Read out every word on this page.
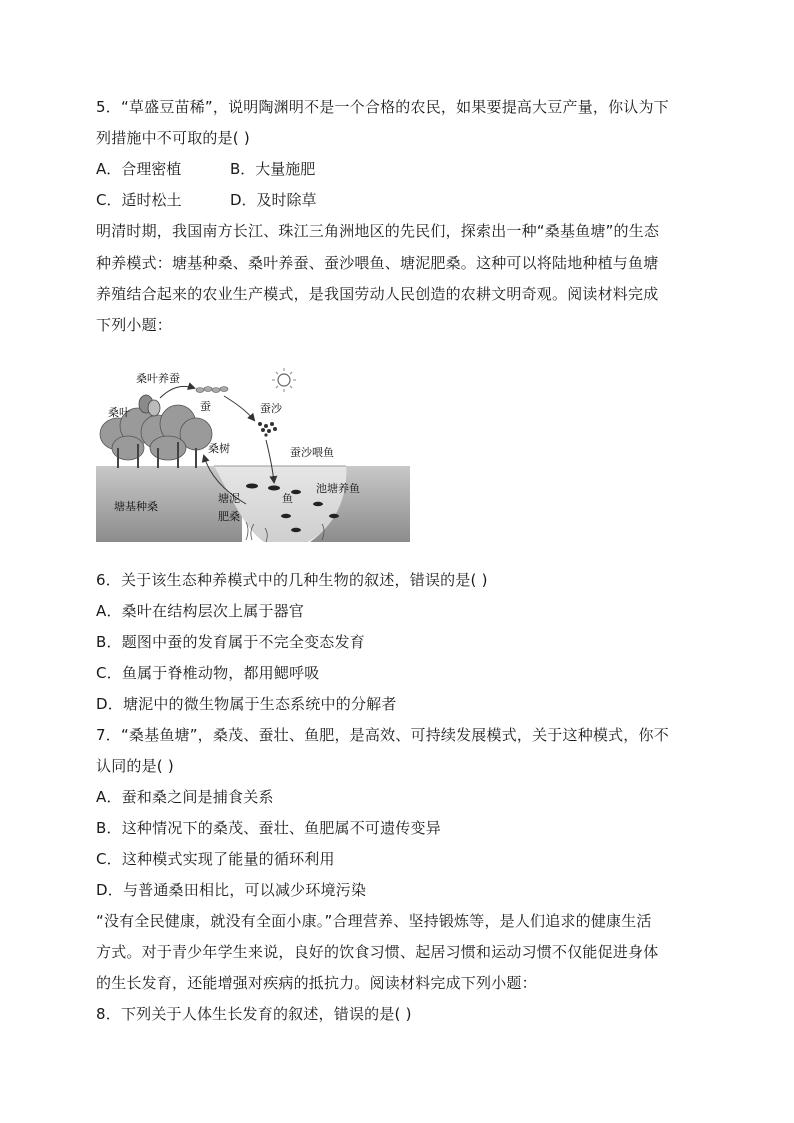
5．“草盛豆苗稀”，说明陶渊明不是一个合格的农民，如果要提高大豆产量，你认为下
列措施中不可取的是( )
A．合理密植	B．大量施肥
C．适时松土	D．及时除草
明清时期，我国南方长江、珠江三角洲地区的先民们，探索出一种“桑基鱼塘”的生态
种养模式：塘基种桑、桑叶养蚕、蚕沙喂鱼、塘泥肥桑。这种可以将陆地种植与鱼塘
养殖结合起来的农业生产模式，是我国劳动人民创造的农耕文明奇观。阅读材料完成
下列小题：
桑叶养蚕
蚕
桑叶	蚕沙
桑树	蚕沙喂鱼
塘基种桑
塘泥
肥桑
鱼
池塘养鱼
6．关于该生态种养模式中的几种生物的叙述，错误的是( )
A．桑叶在结构层次上属于器官
B．题图中蚕的发育属于不完全变态发育
C．鱼属于脊椎动物，都用鳃呼吸
D．塘泥中的微生物属于生态系统中的分解者
7．“桑基鱼塘”，桑茂、蚕壮、鱼肥，是高效、可持续发展模式，关于这种模式，你不
认同的是( )
A．蚕和桑之间是捕食关系
B．这种情况下的桑茂、蚕壮、鱼肥属不可遗传变异
C．这种模式实现了能量的循环利用
D．与普通桑田相比，可以减少环境污染
“没有全民健康，就没有全面小康。”合理营养、坚持锻炼等，是人们追求的健康生活
方式。对于青少年学生来说，良好的饮食习惯、起居习惯和运动习惯不仅能促进身体
的生长发育，还能增强对疾病的抵抗力。阅读材料完成下列小题：
8．下列关于人体生长发育的叙述，错误的是( )
